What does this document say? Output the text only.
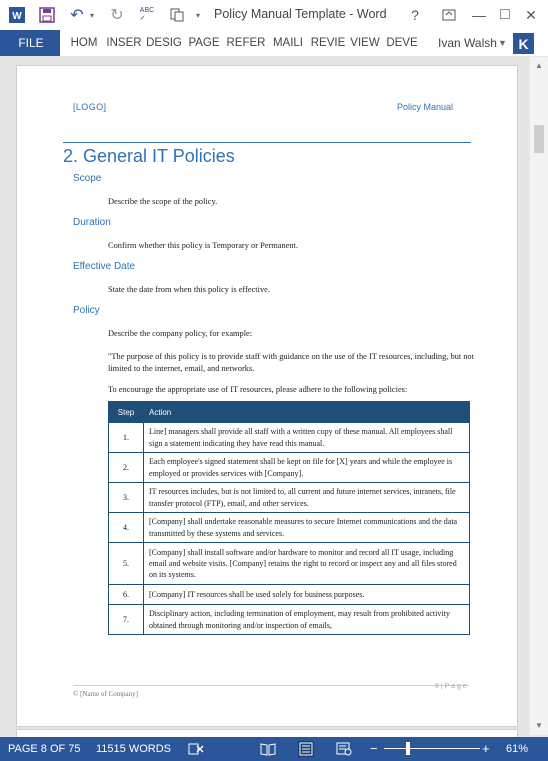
W	↶ ▾ ↻	ABC
✓	▾	Policy Manual Template - Word	?	— □	✕
FILE	HOM INSER DESIG PAGE REFER MAILI REVIE VIEW DEVE	Ivan Walsh ▼ K
[LOGO]	Policy Manual
2. General IT Policies
Scope
Describe the scope of the policy.
Duration
Confirm whether this policy is Temporary or Permanent.
Effective Date
State the date from when this policy is effective.
Policy
Describe the company policy, for example:
"The purpose of this policy is to provide staff with guidance on the use of the IT resources, including, but not limited to the internet, email, and networks.
To encourage the appropriate use of IT resources, please adhere to the following policies:
Step	Action
1.	Line] managers shall provide all staff with a written copy of these manual. All employees shall sign a statement indicating they have read this manual.
2.	Each employee's signed statement shall be kept on file for [X] years and while the employee is employed or provides services with [Company].
3.	IT resources includes, but is not limited to, all current and future internet services, intranets, file transfer protocol (FTP), email, and other services.
4.	[Company] shall undertake reasonable measures to secure Internet communications and the data transmitted by these systems and services.
5.	[Company] shall install software and/or hardware to monitor and record all IT usage, including email and website visits. [Company] retains the right to record or inspect any and all files stored on its systems.
6.	[Company] IT resources shall be used solely for business purposes.
7.	Disciplinary action, including termination of employment, may result from prohibited activity obtained through monitoring and/or inspection of emails,
© [Name of Company]
8 | P a g e
▲
▼
PAGE 8 OF 75 11515 WORDS	−	+ 61%
